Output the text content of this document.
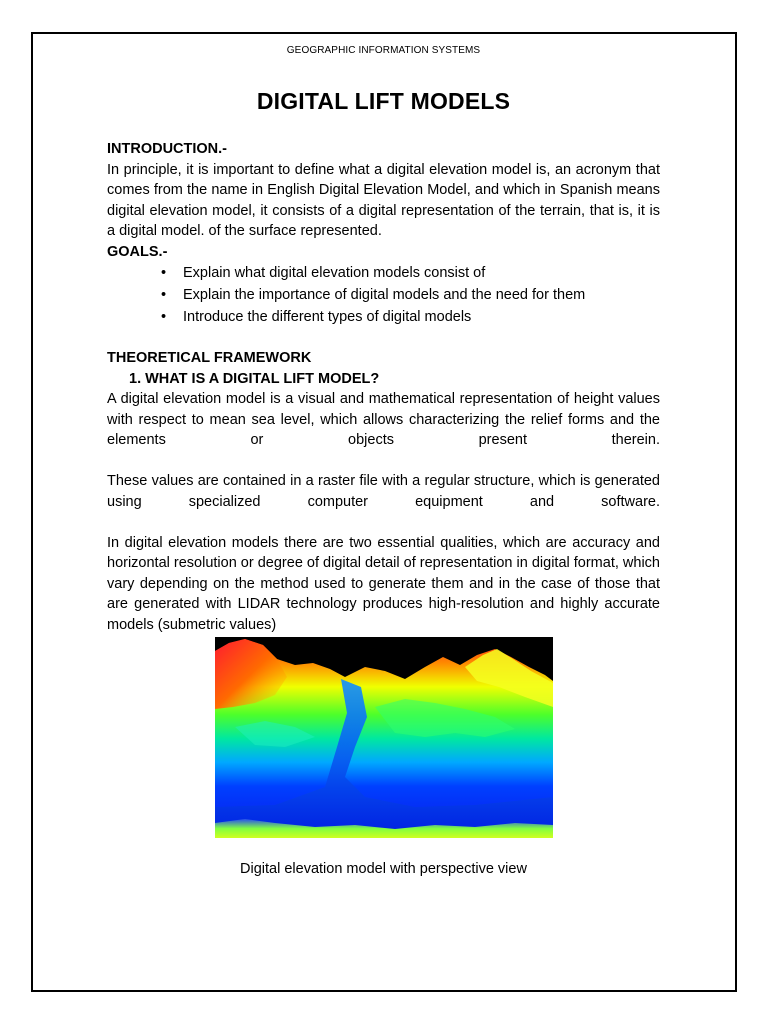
GEOGRAPHIC INFORMATION SYSTEMS
DIGITAL LIFT MODELS
INTRODUCTION.-

In principle, it is important to define what a digital elevation model is, an acronym that comes from the name in English Digital Elevation Model, and which in Spanish means digital elevation model, it consists of a digital representation of the terrain, that is, it is a digital model. of the surface represented.

GOALS.-
• Explain what digital elevation models consist of
• Explain the importance of digital models and the need for them
• Introduce the different types of digital models
THEORETICAL FRAMEWORK
1. WHAT IS A DIGITAL LIFT MODEL?

A digital elevation model is a visual and mathematical representation of height values with respect to mean sea level, which allows characterizing the relief forms and the elements or objects present therein.

These values are contained in a raster file with a regular structure, which is generated using specialized computer equipment and software.

In digital elevation models there are two essential qualities, which are accuracy and horizontal resolution or degree of digital detail of representation in digital format, which vary depending on the method used to generate them and in the case of those that are generated with LIDAR technology produces high-resolution and highly accurate models (submetric values)

Digital elevation model with perspective view
